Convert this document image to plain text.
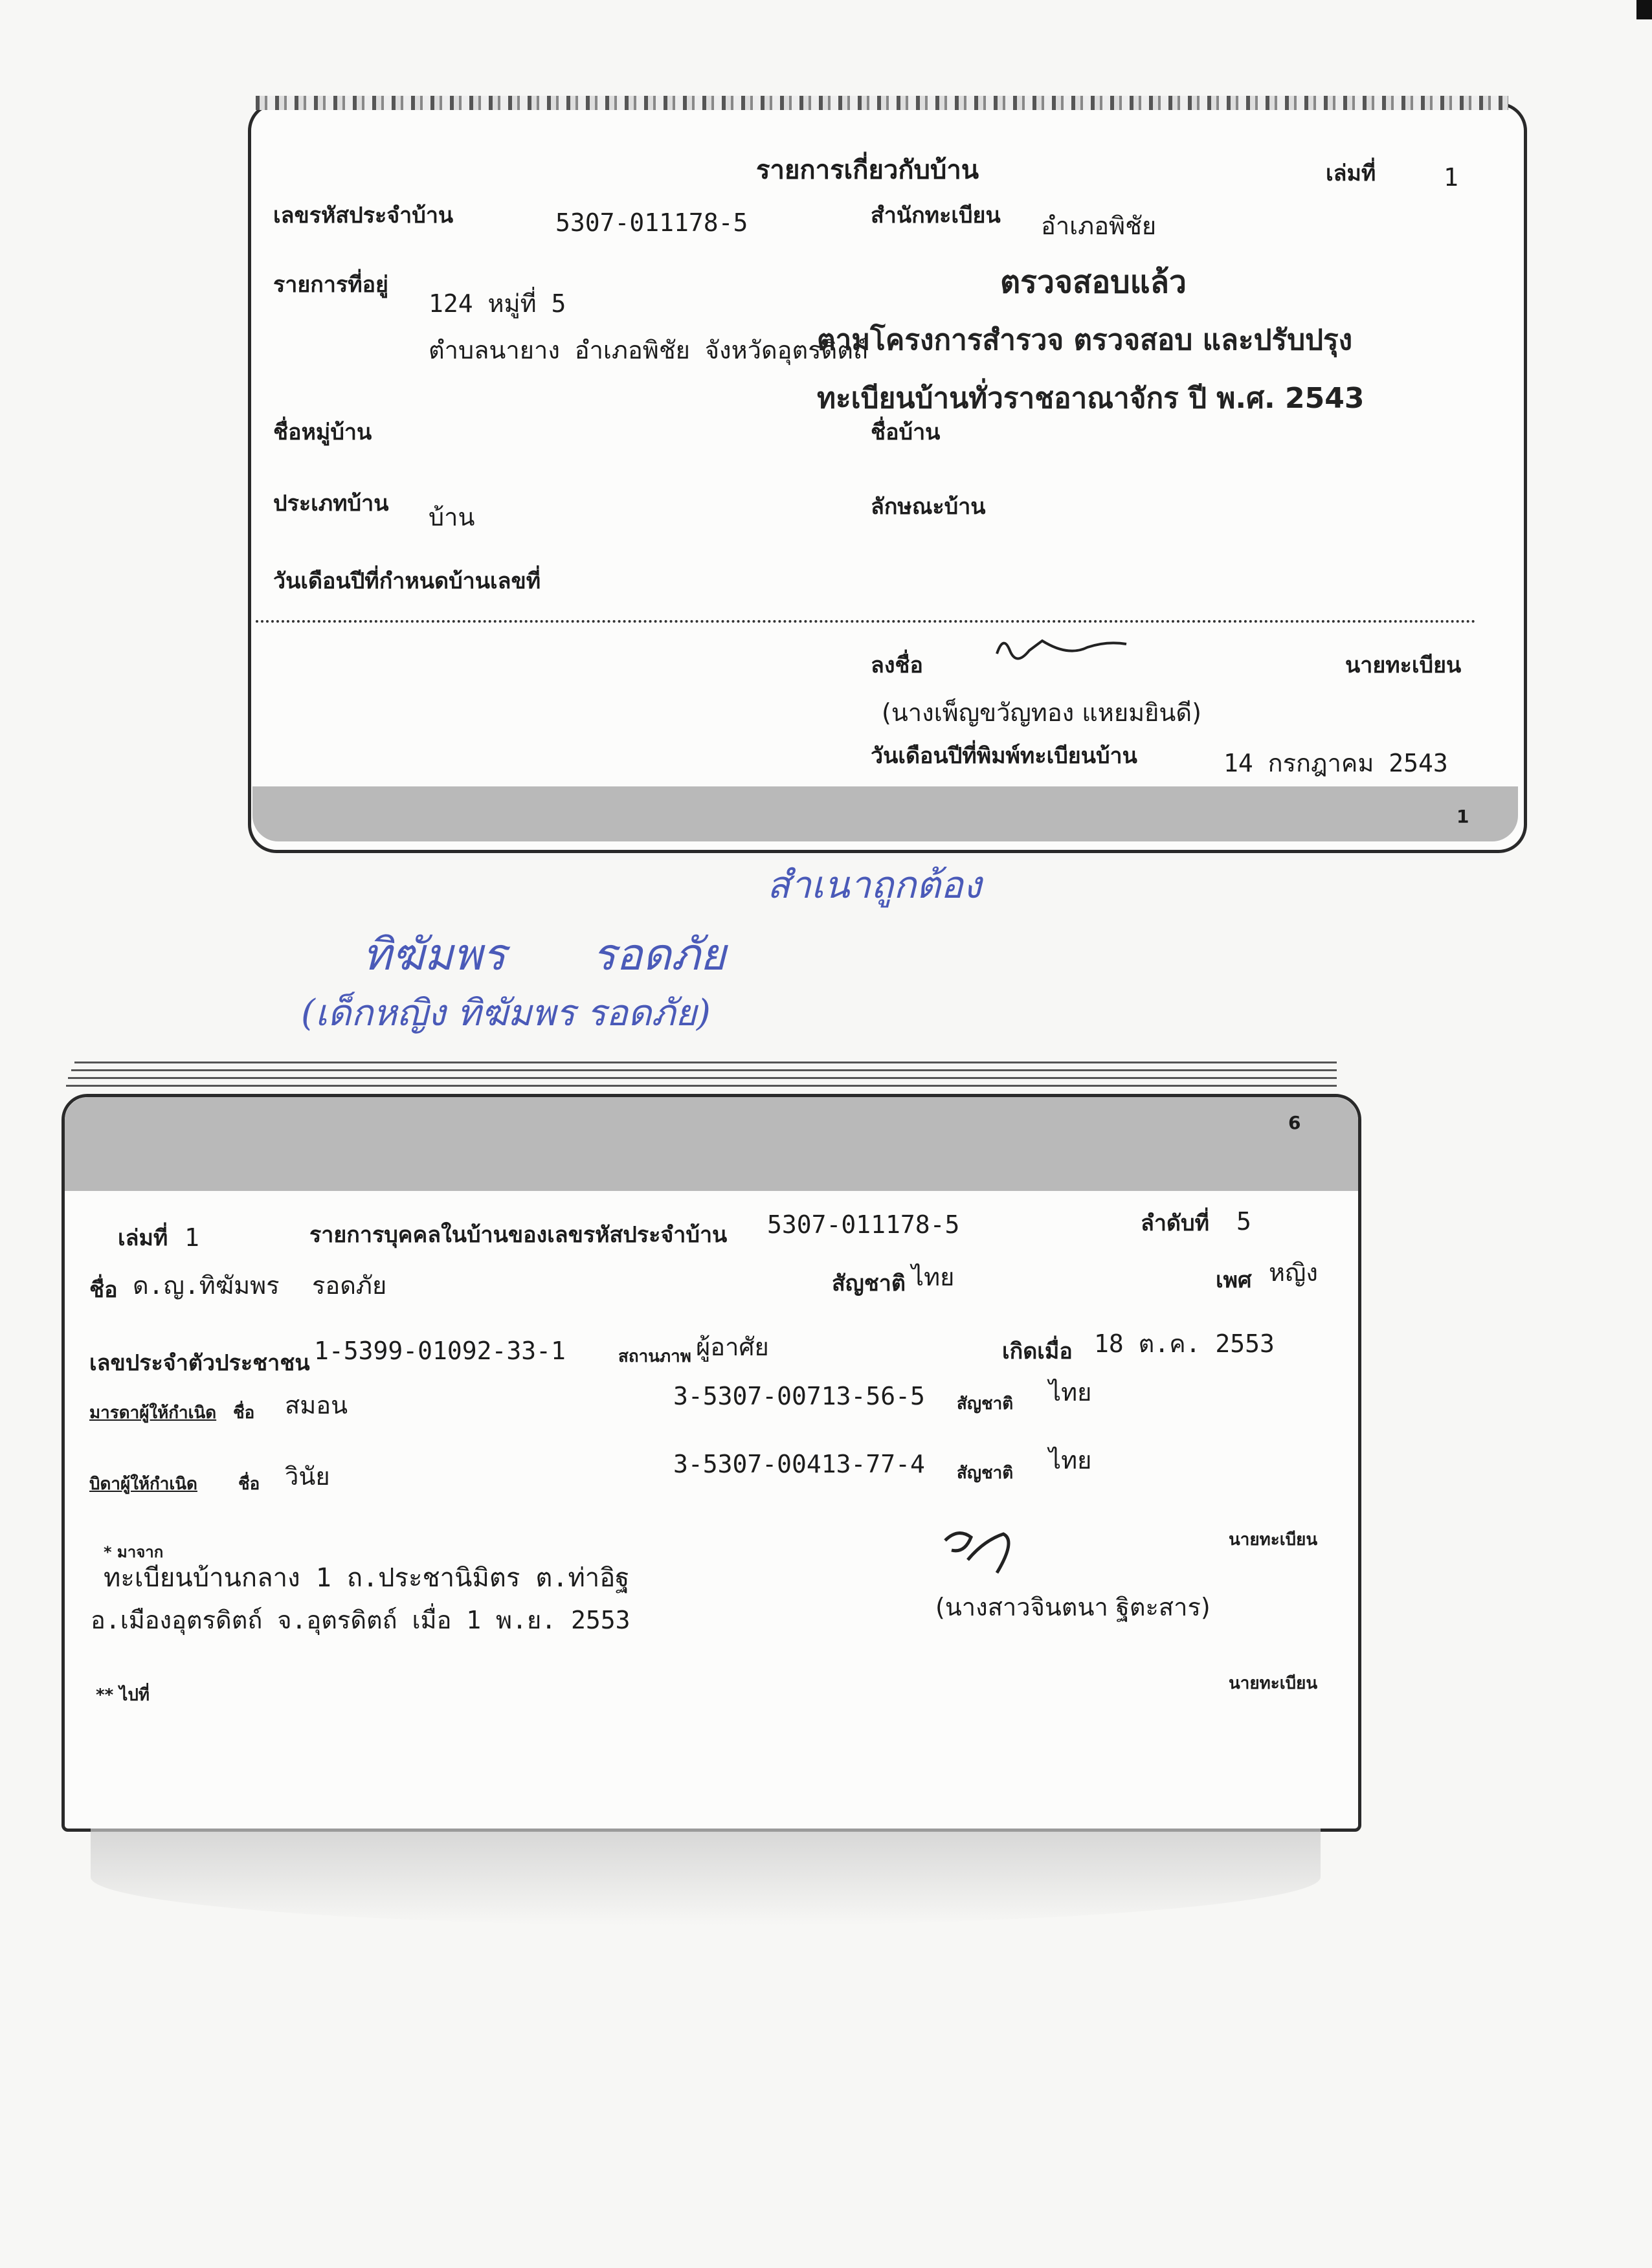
รายการเกี่ยวกับบ้าน	เล่มที่	1
เลขรหัสประจำบ้าน	5307-011178-5	สำนักทะเบียน อำเภอพิชัย
รายการที่อยู่
124 หมู่ที่ 5
ตำบลนายาง อำเภอพิชัย จังหวัดอุตรดิตถ์
ตรวจสอบแล้ว
ตามโครงการสำรวจ ตรวจสอบ และปรับปรุง
ทะเบียนบ้านทั่วราชอาณาจักร ปี พ.ศ. 2543
ชื่อหมู่บ้าน	ชื่อบ้าน
ประเภทบ้าน บ้าน	ลักษณะบ้าน
วันเดือนปีที่กำหนดบ้านเลขที่
ลงชื่อ	นายทะเบียน
(นางเพ็ญขวัญทอง แหยมยินดี)
วันเดือนปีที่พิมพ์ทะเบียนบ้าน	14 กรกฎาคม 2543
1
สำเนาถูกต้อง
ทิฆัมพร รอดภัย
(เด็กหญิง ทิฆัมพร รอดภัย)
6
เล่มที่ 1	รายการบุคคลในบ้านของเลขรหัสประจำบ้าน 5307-011178-5	ลำดับที่ 5
ชื่อ ด.ญ.ทิฆัมพร รอดภัย	สัญชาติ ไทย	เพศ หญิง
เลขประจำตัวประชาชน 1-5399-01092-33-1	สถานภาพ ผู้อาศัย	เกิดเมื่อ 18 ต.ค. 2553
มารดาผู้ให้กำเนิด ชื่อ สมอน	3-5307-00713-56-5 สัญชาติ ไทย
บิดาผู้ให้กำเนิด ชื่อ วินัย	3-5307-00413-77-4 สัญชาติ ไทย
* มาจาก
ทะเบียนบ้านกลาง 1 ถ.ประชานิมิตร ต.ท่าอิฐ
อ.เมืองอุตรดิตถ์ จ.อุตรดิตถ์ เมื่อ 1 พ.ย. 2553
นายทะเบียน
(นางสาวจินตนา ฐิตะสาร)
** ไปที่
นายทะเบียน
